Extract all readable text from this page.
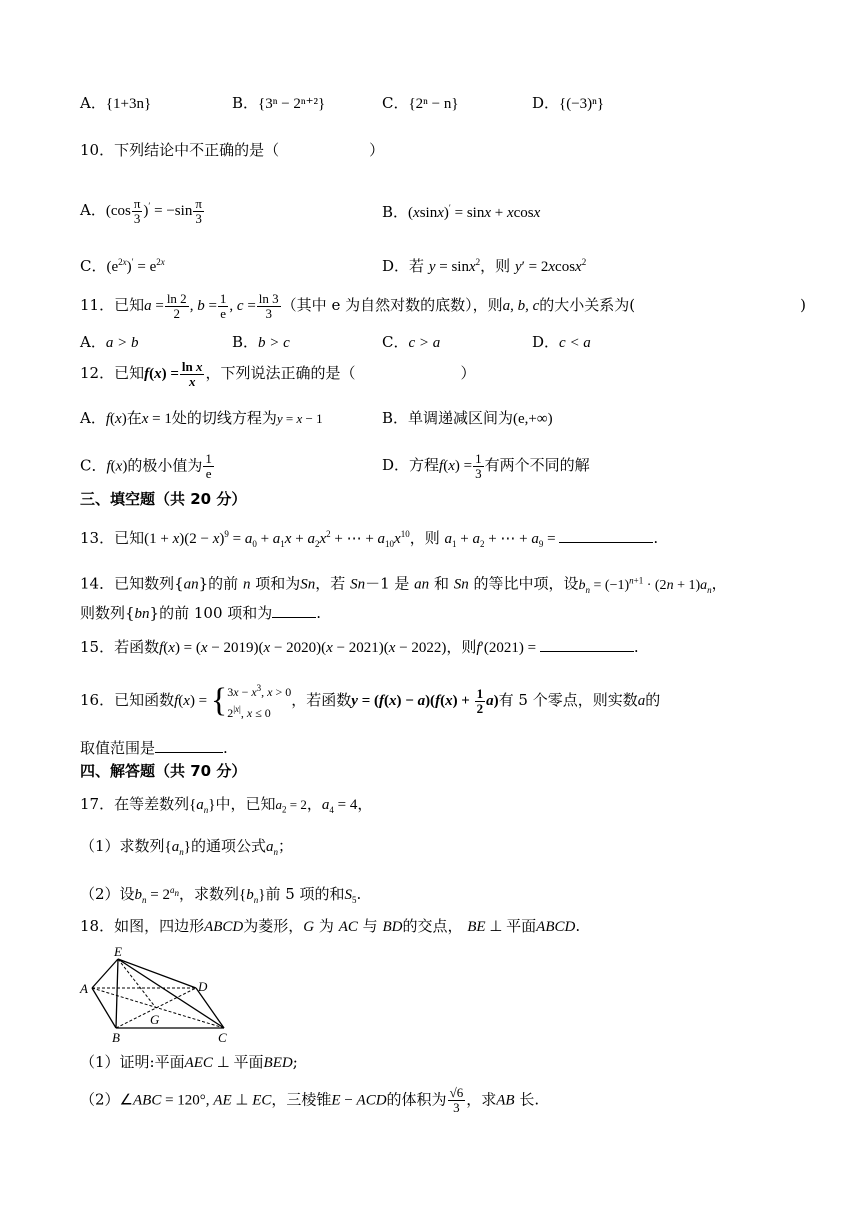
A．{1+3n}	B．{3ⁿ − 2ⁿ⁺²}	C．{2ⁿ − n}	D．{(−3)ⁿ}
10．下列结论中不正确的是（　　　　　　）
A．$(\cos \frac{\pi}{3} )' = -\sin \frac{\pi}{3}$	B．(xsinx)′ = sinx + xcosx
C．$(e^{2x})' = e^{2x}$	D．若 y = sinx$^2$，则 y′ = 2xcosx$^2$
11．已知$a = \frac{\ln 2}{2}$ , $b = \frac{1}{e}$ , $c = \frac{\ln 3}{3}$ （其中 e 为自然对数的底数），则a, b, c的大小关系为(　　　　　　　　　　　)
A．a > b	B．b > c	C．c > a	D．c < a
12．已知$f(x) = \frac{\text{ln x}}{x}$ ，下列说法正确的是（　　　　　　　）
A．f(x)在x = 1处的切线方程为y = x − 1	B．单调递减区间为(e,+∞)
C．f(x)的极小值为 $\frac{1}{e}$	D．方程$f(x) = \frac{1}{3}$ 有两个不同的解
三、填空题（共 20 分）
13．已知$(1 + x)(2 - x)^9 = a_0 + a_1x + a_2x^2$ + ⋯ + $a_{10}x^{10}$，则 $a_1 + a_2$ + ⋯ + $a_9$ =	.
14．已知数列{an}的前 n 项和为Sn，若 Sn－1 是 an 和 Sn 的等比中项，设$b_n = (-1)^{n+1} \cdot (2n + 1)a_n$，
则数列{bn}的前 100 项和为	.
15．若函数f(x) = (x − 2019)(x − 2020)(x − 2021)(x − 2022)，则f′(2021) =	.
16．已知函数f(x) = { $3x - x^3$, x > 0
$2^{|x|}$, x ≤ 0
，若函数$y = (f(x) - a)(f(x) + \frac{1}{2} a)$有 5 个零点，则实数a的
取值范围是	.
四、解答题（共 70 分）
17．在等差数列$\{a_n\}$中，已知$a_2 = 2$，$a_4 = 4$，
（1）求数列$\{a_n\}$的通项公式$a_n$；
（2）设$b_n = 2^{a_n}$，求数列$\{b_n\}$前 5 项的和$S_5$.
18．如图，四边形ABCD为菱形，G 为 AC 与 BD的交点， BE ⊥ 平面ABCD.
E
A	D
G
B	C
（1）证明:平面AEC ⊥ 平面BED;
（2）∠ABC = 120°, AE ⊥ EC，三棱锥E − ACD的体积为 $\frac{√6}{3}$ ，求AB 长.
